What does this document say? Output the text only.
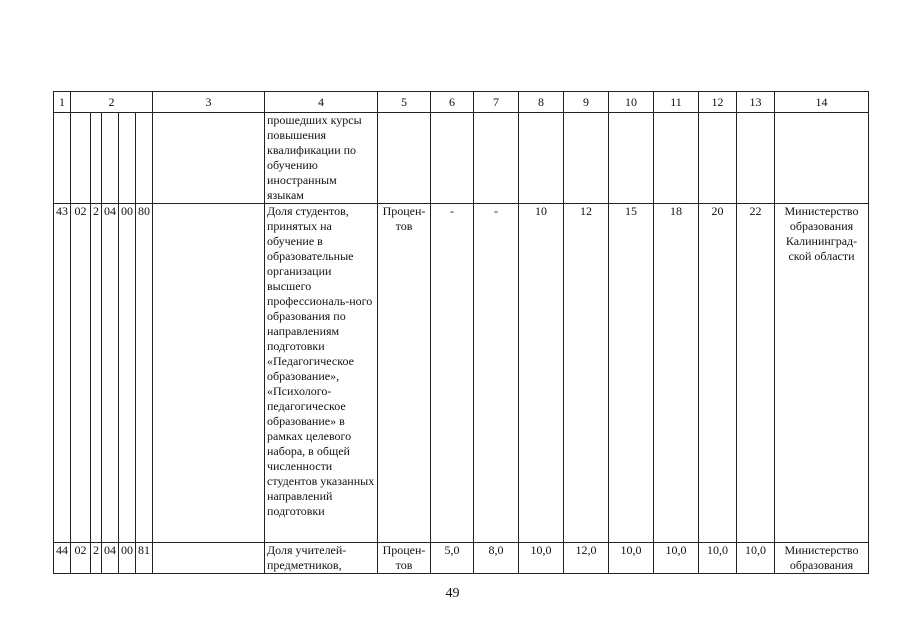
1	2					3	4	5	6	7	8	9	10	11	12	13	14
							прошедших курсы повышения квалификации по обучению иностранным языкам										
43	02	2	04	00	80		Доля студентов, принятых на обучение в образовательные организации высшего профессиональ-ного образования по направлениям подготовки «Педагогическое образование», «Психолого-педагогическое образование» в рамках целевого набора, в общей численности студентов указанных направлений подготовки	Процен-тов	-	-	10	12	15	18	20	22	Министерство образования Калининград-ской области
44	02	2	04	00	81		Доля учителей-предметников,	Процен-тов	5,0	8,0	10,0	12,0	10,0	10,0	10,0	10,0	Министерство образования
49
